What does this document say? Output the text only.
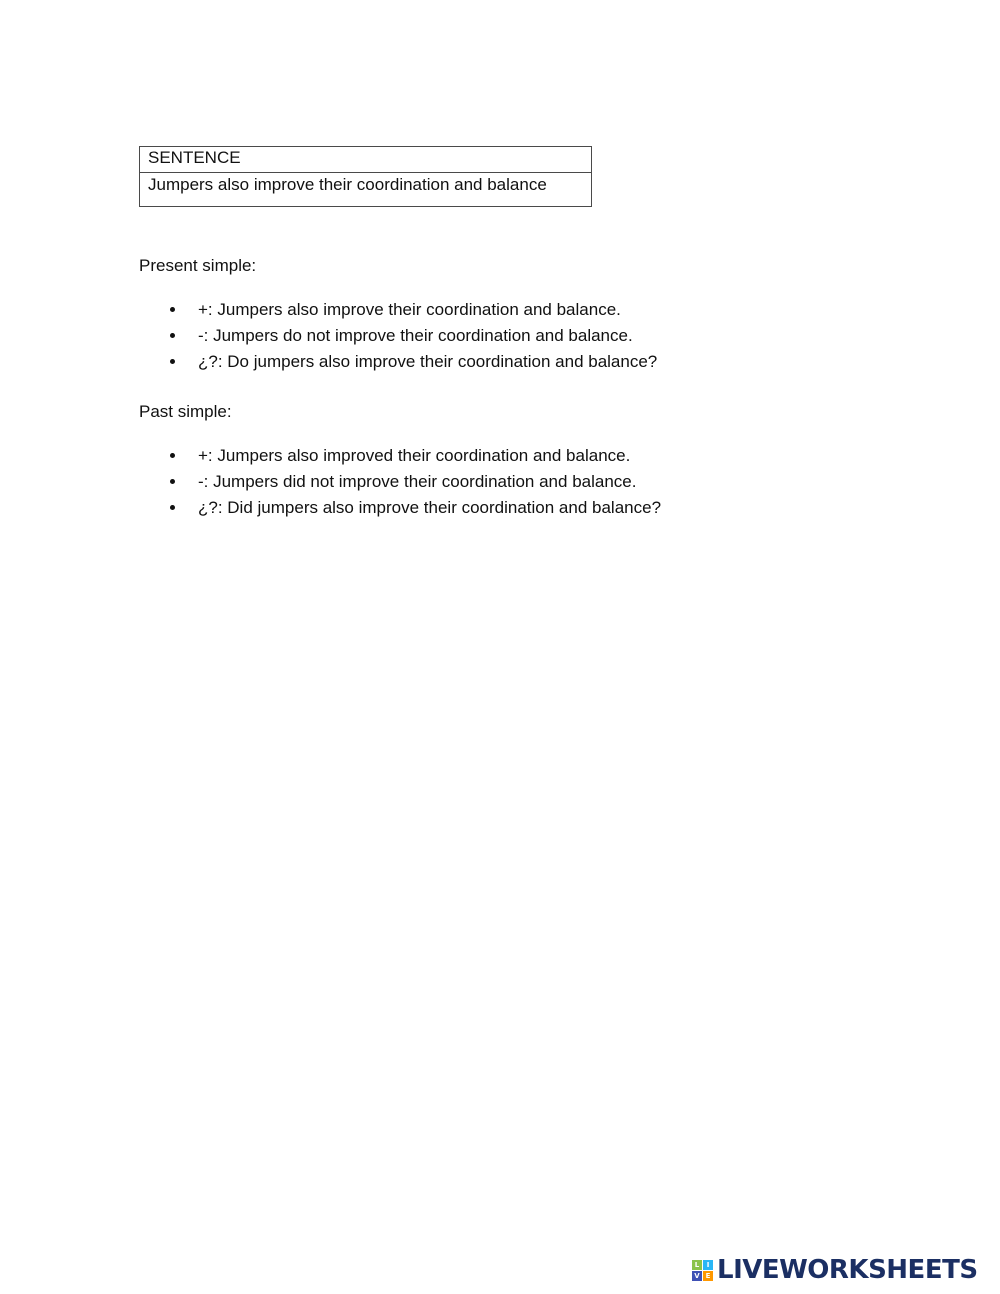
SENTENCE
Jumpers also improve their coordination and balance
Present simple:
+: Jumpers also improve their coordination and balance.
-: Jumpers do not improve their coordination and balance.
¿?: Do jumpers also improve their coordination and balance?
Past simple:
+: Jumpers also improved their coordination and balance.
-: Jumpers did not improve their coordination and balance.
¿?: Did jumpers also improve their coordination and balance?
L	I
V E LIVEWORKSHEETS
